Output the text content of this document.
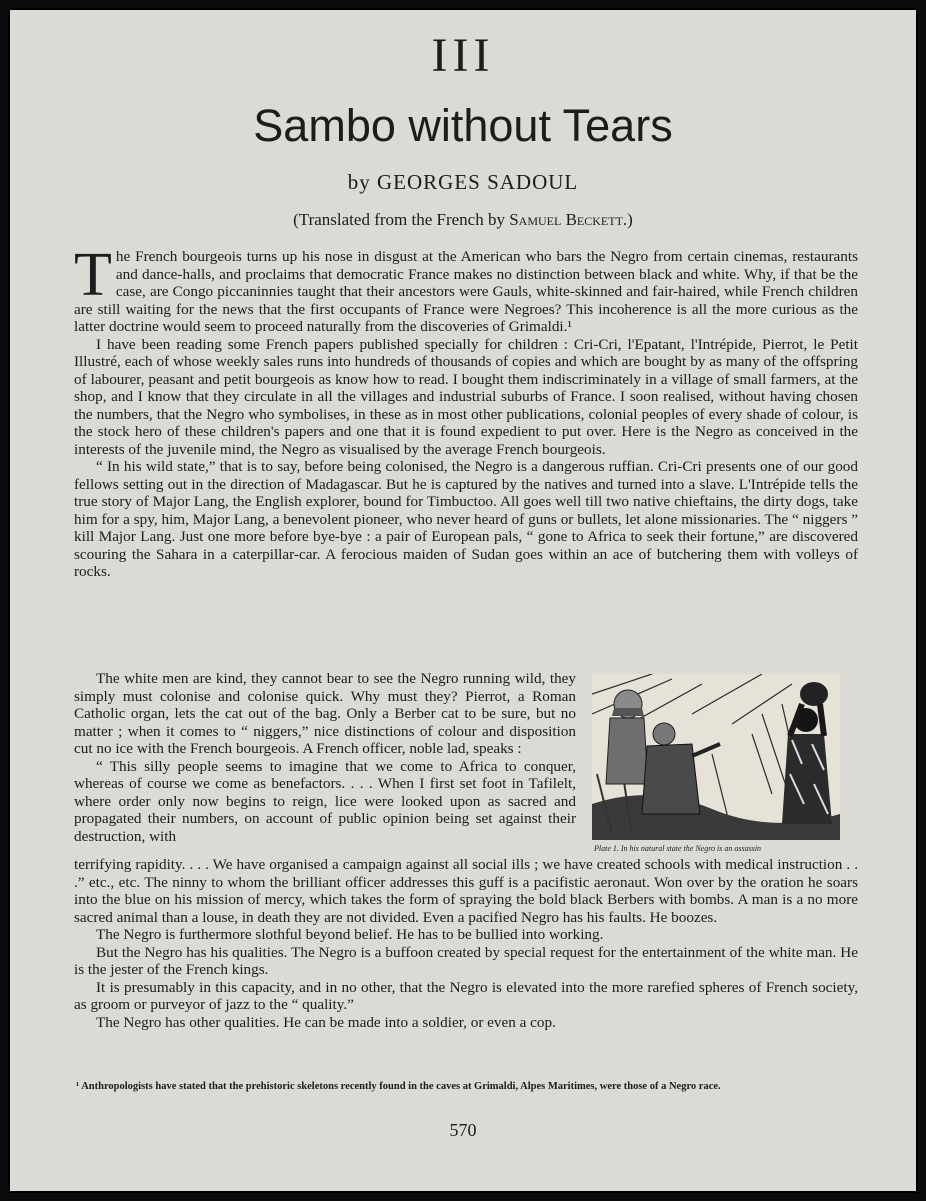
III
Sambo without Tears
by GEORGES SADOUL
(Translated from the French by Samuel Beckett.)

The French bourgeois turns up his nose in disgust at the American who bars the Negro from certain cinemas, restaurants and dance-halls, and proclaims that democratic France makes no distinction between black and white. Why, if that be the case, are Congo piccaninnies taught that their ancestors were Gauls, white-skinned and fair-haired, while French children are still waiting for the news that the first occupants of France were Negroes? This incoherence is all the more curious as the latter doctrine would seem to proceed naturally from the discoveries of Grimaldi.¹

I have been reading some French papers published specially for children : Cri-Cri, l'Epatant, l'Intrépide, Pierrot, le Petit Illustré, each of whose weekly sales runs into hundreds of thousands of copies and which are bought by as many of the offspring of labourer, peasant and petit bourgeois as know how to read. I bought them indiscriminately in a village of small farmers, at the shop, and I know that they circulate in all the villages and industrial suburbs of France. I soon realised, without having chosen the numbers, that the Negro who symbolises, in these as in most other publications, colonial peoples of every shade of colour, is the stock hero of these children's papers and one that it is found expedient to put over. Here is the Negro as conceived in the interests of the juvenile mind, the Negro as visualised by the average French bourgeois.

“ In his wild state,” that is to say, before being colonised, the Negro is a dangerous ruffian. Cri-Cri presents one of our good fellows setting out in the direction of Madagascar. But he is captured by the natives and turned into a slave. L'Intrépide tells the true story of Major Lang, the English explorer, bound for Timbuctoo. All goes well till two native chieftains, the dirty dogs, take him for a spy, him, Major Lang, a benevolent pioneer, who never heard of guns or bullets, let alone missionaries. The “ niggers ” kill Major Lang. Just one more before bye-bye : a pair of European pals, “ gone to Africa to seek their fortune,” are discovered scouring the Sahara in a caterpillar-car. A ferocious maiden of Sudan goes within an ace of butchering them with volleys of rocks.

The white men are kind, they cannot bear to see the Negro running wild, they simply must colonise and colonise quick. Why must they? Pierrot, a Roman Catholic organ, lets the cat out of the bag. Only a Berber cat to be sure, but no matter ; when it comes to “ niggers,” nice distinctions of colour and disposition cut no ice with the French bourgeois. A French officer, noble lad, speaks :

“ This silly people seems to imagine that we come to Africa to conquer, whereas of course we come as benefactors. . . . When I first set foot in Tafilelt, where order only now begins to reign, lice were looked upon as sacred and propagated their numbers, on account of public opinion being set against their destruction, with

Plate 1. In his natural state the Negro is an assassin

terrifying rapidity. . . . We have organised a campaign against all social ills ; we have created schools with medical instruction . . .” etc., etc. The ninny to whom the brilliant officer addresses this guff is a pacifistic aeronaut. Won over by the oration he soars into the blue on his mission of mercy, which takes the form of spraying the bold black Berbers with bombs. A man is a no more sacred animal than a louse, in death they are not divided. Even a pacified Negro has his faults. He boozes.

The Negro is furthermore slothful beyond belief. He has to be bullied into working.

But the Negro has his qualities. The Negro is a buffoon created by special request for the entertainment of the white man. He is the jester of the French kings.

It is presumably in this capacity, and in no other, that the Negro is elevated into the more rarefied spheres of French society, as groom or purveyor of jazz to the “ quality.”

The Negro has other qualities. He can be made into a soldier, or even a cop.

¹ Anthropologists have stated that the prehistoric skeletons recently found in the caves at Grimaldi, Alpes Maritimes, were those of a Negro race.
570
